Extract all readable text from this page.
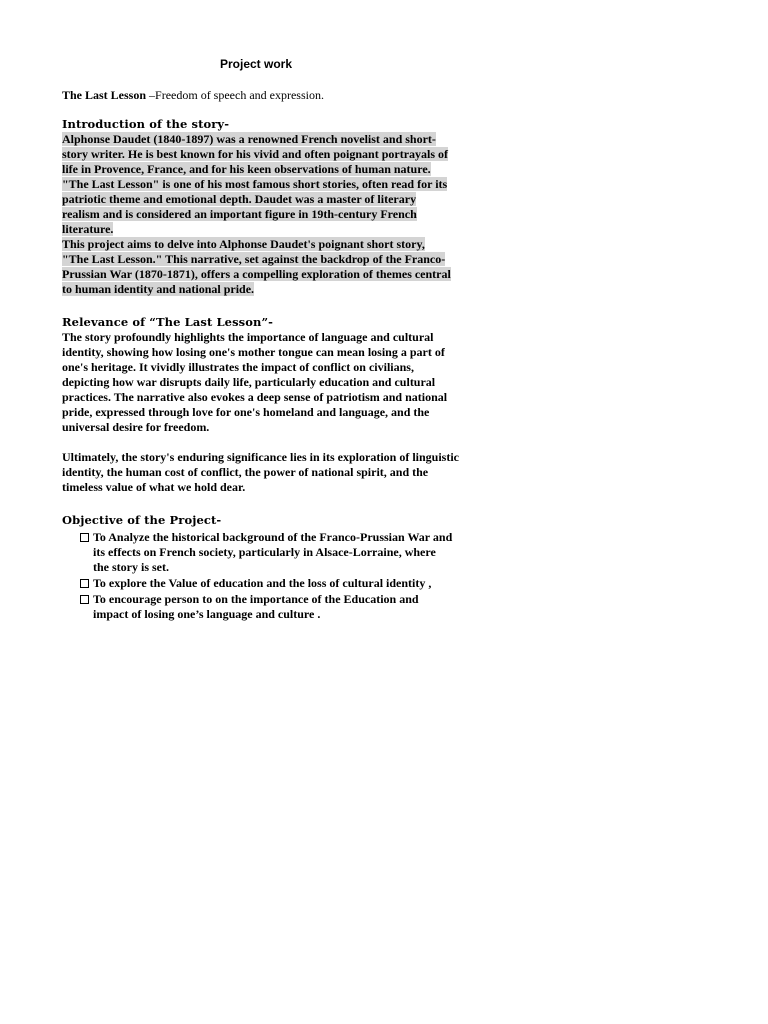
Project work

The Last Lesson –Freedom of speech and expression.

Introduction of the story-

Alphonse Daudet (1840-1897) was a renowned French novelist and short-story writer. He is best known for his vivid and often poignant portrayals of life in Provence, France, and for his keen observations of human nature. "The Last Lesson" is one of his most famous short stories, often read for its patriotic theme and emotional depth. Daudet was a master of literary realism and is considered an important figure in 19th-century French literature.

This project aims to delve into Alphonse Daudet's poignant short story, "The Last Lesson." This narrative, set against the backdrop of the Franco-Prussian War (1870-1871), offers a compelling exploration of themes central to human identity and national pride.

Relevance of “The Last Lesson”-

The story profoundly highlights the importance of language and cultural identity, showing how losing one's mother tongue can mean losing a part of one's heritage. It vividly illustrates the impact of conflict on civilians, depicting how war disrupts daily life, particularly education and cultural practices. The narrative also evokes a deep sense of patriotism and national pride, expressed through love for one's homeland and language, and the universal desire for freedom.

Ultimately, the story's enduring significance lies in its exploration of linguistic identity, the human cost of conflict, the power of national spirit, and the timeless value of what we hold dear.

Objective of the Project-
To Analyze the historical background of the Franco-Prussian War and its effects on French society, particularly in Alsace-Lorraine, where the story is set.
To explore the Value of education and the loss of cultural identity ,
To encourage person to on the importance of the Education and impact of losing one’s language and culture .
